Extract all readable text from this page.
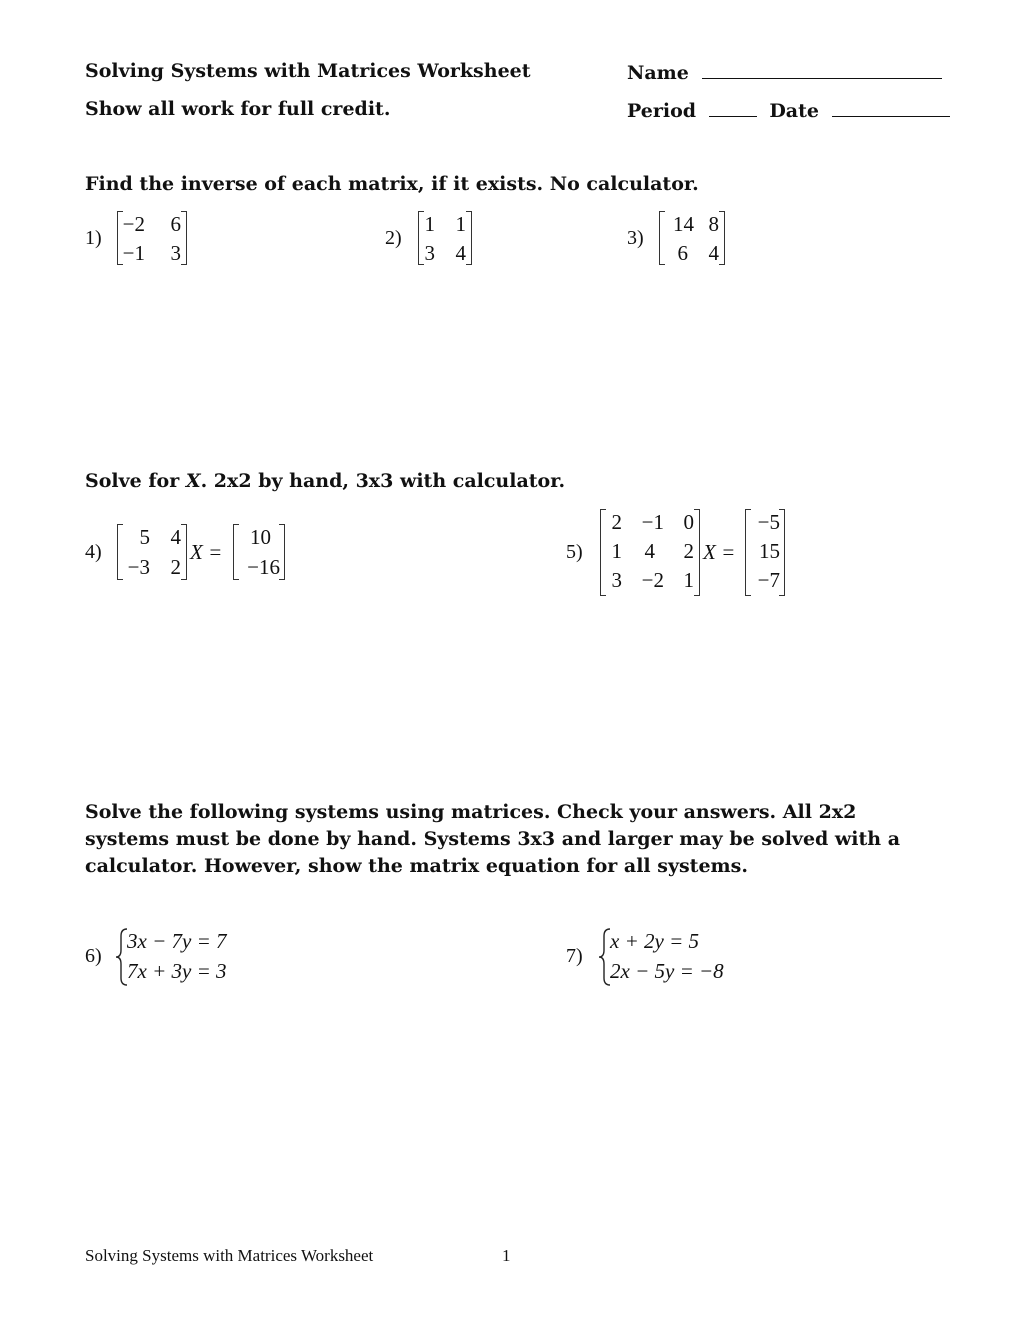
Solving Systems with Matrices Worksheet	Name
Show all work for full credit.	Period	Date
Find the inverse of each matrix, if it exists. No calculator.
1)
−2 6
−1 3
2)
1 1
3 4
3)
14 8
6 4
Solve for X. 2x2 by hand, 3x3 with calculator.
4)
5 4
−3 2
X =
10
−16
5)
2 −1 0
1 4 2
3 −2 1
X =
−5
15
−7
Solve the following systems using matrices. Check your answers. All 2x2
systems must be done by hand. Systems 3x3 and larger may be solved with a
calculator. However, show the matrix equation for all systems.
6)
3x − 7y = 7
7x + 3y = 3
7)
x + 2y = 5
2x − 5y = −8
Solving Systems with Matrices Worksheet	1
